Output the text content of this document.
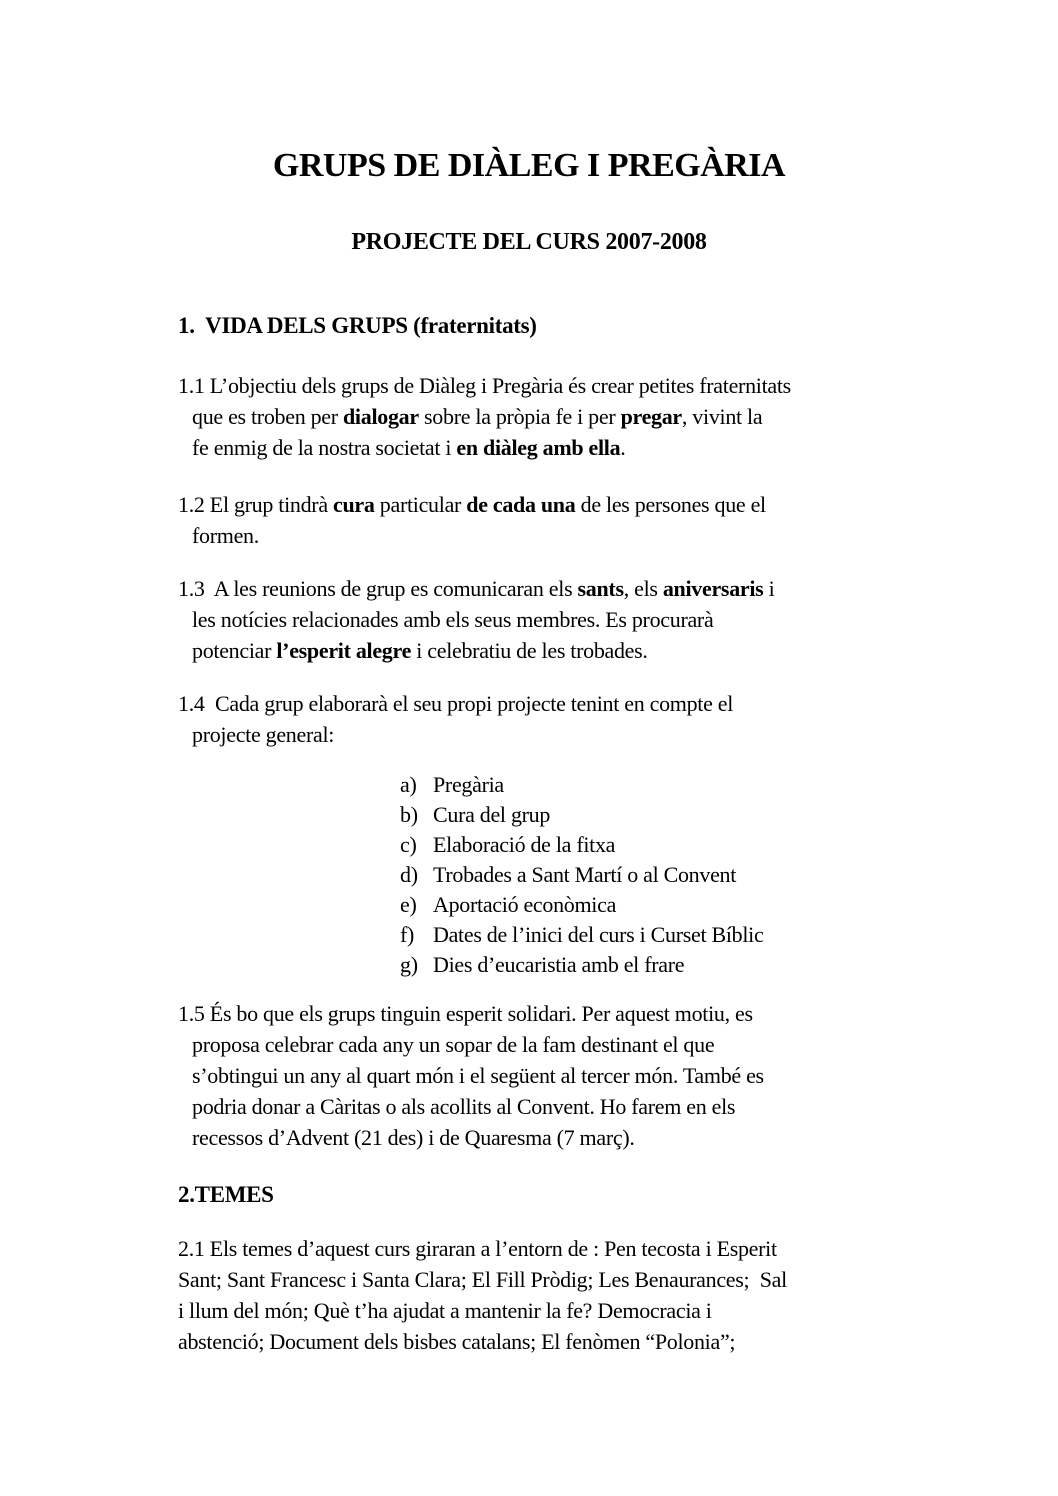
GRUPS DE DIÀLEG I PREGÀRIA
PROJECTE DEL CURS 2007-2008
1.  VIDA DELS GRUPS (fraternitats)
1.1 L’objectiu dels grups de Diàleg i Pregària és crear petites fraternitats
que es troben per dialogar sobre la pròpia fe i per pregar, vivint la
fe enmig de la nostra societat i en diàleg amb ella.
1.2 El grup tindrà cura particular de cada una de les persones que el
formen.
1.3  A les reunions de grup es comunicaran els sants, els aniversaris i
les notícies relacionades amb els seus membres. Es procurarà
potenciar l’esperit alegre i celebratiu de les trobades.
1.4  Cada grup elaborarà el seu propi projecte tenint en compte el
projecte general:
a) Pregària
b) Cura del grup
c) Elaboració de la fitxa
d) Trobades a Sant Martí o al Convent
e) Aportació econòmica
f) Dates de l’inici del curs i Curset Bíblic
g) Dies d’eucaristia amb el frare
1.5 És bo que els grups tinguin esperit solidari. Per aquest motiu, es
proposa celebrar cada any un sopar de la fam destinant el que
s’obtingui un any al quart món i el següent al tercer món. També es
podria donar a Càritas o als acollits al Convent. Ho farem en els
recessos d’Advent (21 des) i de Quaresma (7 març).
2.TEMES
2.1 Els temes d’aquest curs giraran a l’entorn de : Pen tecosta i Esperit
Sant; Sant Francesc i Santa Clara; El Fill Pròdig; Les Benaurances;  Sal
i llum del món; Què t’ha ajudat a mantenir la fe? Democracia i
abstenció; Document dels bisbes catalans; El fenòmen “Polonia”;
